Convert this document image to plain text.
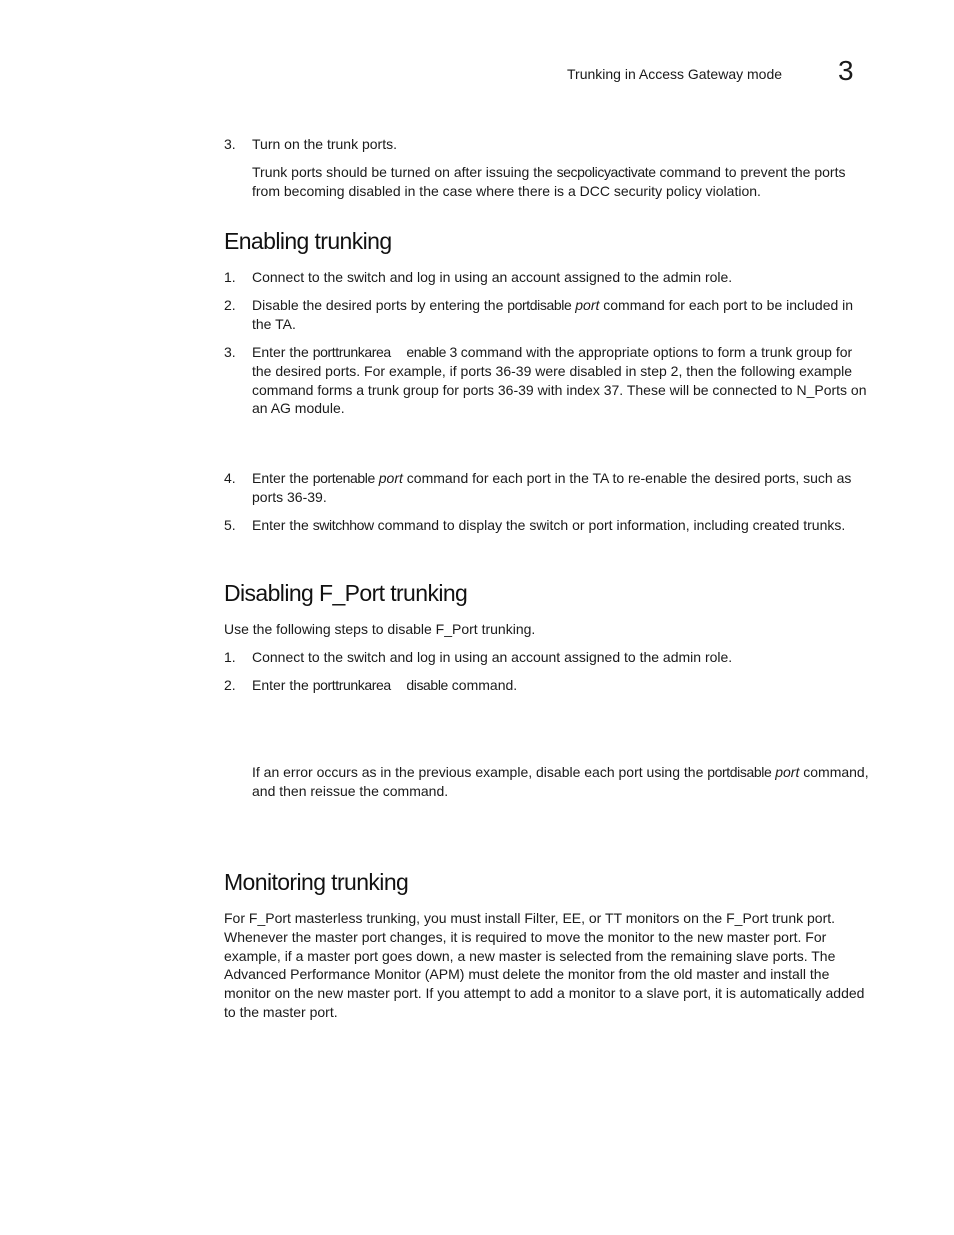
Trunking in Access Gateway mode 3
3.	Turn on the trunk ports.
Trunk ports should be turned on after issuing the secpolicyactivate command to prevent the ports from becoming disabled in the case where there is a DCC security policy violation.
Enabling trunking
1.	Connect to the switch and log in using an account assigned to the admin role.
2.	Disable the desired ports by entering the portdisable port command for each port to be included in the TA.
3.	Enter the porttrunkarea enable 3 command with the appropriate options to form a trunk group for the desired ports. For example, if ports 36-39 were disabled in step 2, then the following example command forms a trunk group for ports 36-39 with index 37. These will be connected to N_Ports on an AG module.
4.	Enter the portenable port command for each port in the TA to re-enable the desired ports, such as ports 36-39.
5.	Enter the switchhow command to display the switch or port information, including created trunks.
Disabling F_Port trunking
Use the following steps to disable F_Port trunking.
1.	Connect to the switch and log in using an account assigned to the admin role.
2.	Enter the porttrunkarea disable command.
If an error occurs as in the previous example, disable each port using the portdisable port command, and then reissue the command.
Monitoring trunking
For F_Port masterless trunking, you must install Filter, EE, or TT monitors on the F_Port trunk port. Whenever the master port changes, it is required to move the monitor to the new master port. For example, if a master port goes down, a new master is selected from the remaining slave ports. The Advanced Performance Monitor (APM) must delete the monitor from the old master and install the monitor on the new master port. If you attempt to add a monitor to a slave port, it is automatically added to the master port.
